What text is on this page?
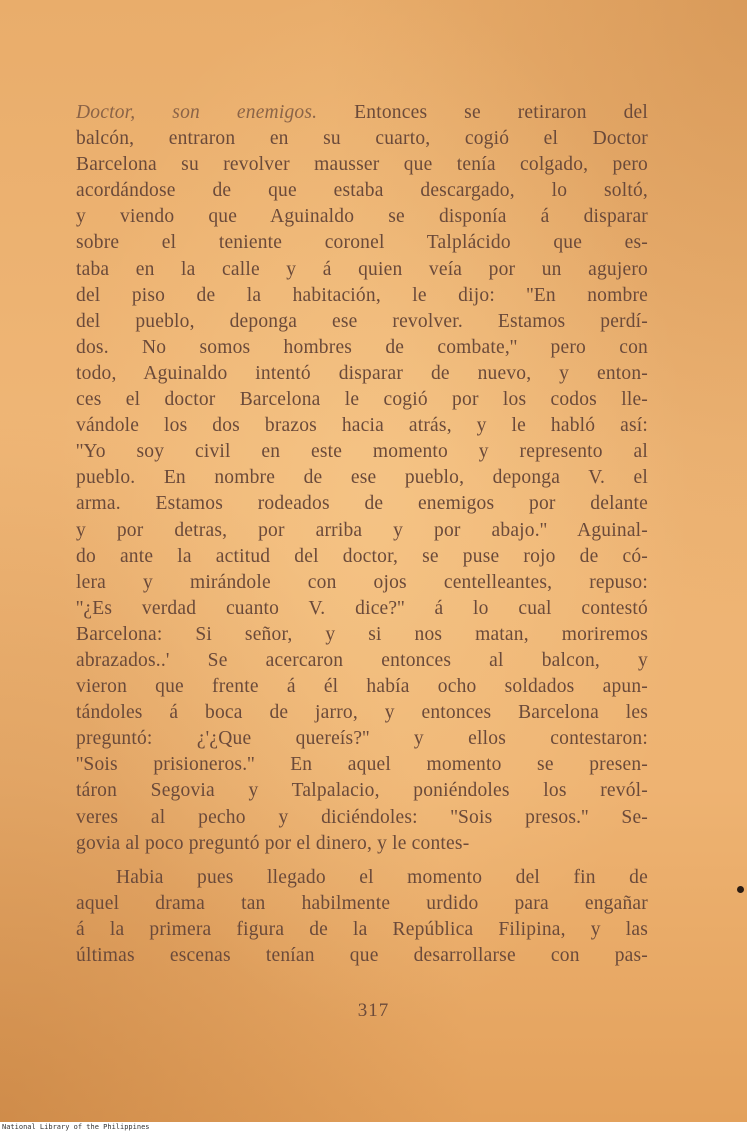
Doctor, son enemigos. Entonces se retiraron del
balcón, entraron en su cuarto, cogió el Doctor
Barcelona su revolver mausser que tenía colgado, pero
acordándose de que estaba descargado, lo soltó,
y viendo que Aguinaldo se disponía á disparar
sobre el teniente coronel Talplácido que es-
taba en la calle y á quien veía por un agujero
del piso de la habitación, le dijo: ''En nombre
del pueblo, deponga ese revolver. Estamos perdí-
dos. No somos hombres de combate,'' pero con
todo, Aguinaldo intentó disparar de nuevo, y enton-
ces el doctor Barcelona le cogió por los codos lle-
vándole los dos brazos hacia atrás, y le habló así:
''Yo soy civil en este momento y represento al
pueblo. En nombre de ese pueblo, deponga V. el
arma. Estamos rodeados de enemigos por delante
y por detras, por arriba y por abajo.'' Aguinal-
do ante la actitud del doctor, se puse rojo de có-
lera y mirándole con ojos centelleantes, repuso:
''¿Es verdad cuanto V. dice?'' á lo cual contestó
Barcelona: Si señor, y si nos matan, moriremos
abrazados..' Se acercaron entonces al balcon, y
vieron que frente á él había ocho soldados apun-
tándoles á boca de jarro, y entonces Barcelona les
preguntó: ¿'¿Que quereís?'' y ellos contestaron:
''Sois prisioneros.'' En aquel momento se presen-
táron Segovia y Talpalacio, poniéndoles los revól-
veres al pecho y diciéndoles: ''Sois presos.'' Se-
govia al poco preguntó por el dinero, y le contes-
Habia pues llegado el momento del fin de
aquel drama tan habilmente urdido para engañar
á la primera figura de la República Filipina, y las
últimas escenas tenían que desarrollarse con pas-
317
National Library of the Philippines
